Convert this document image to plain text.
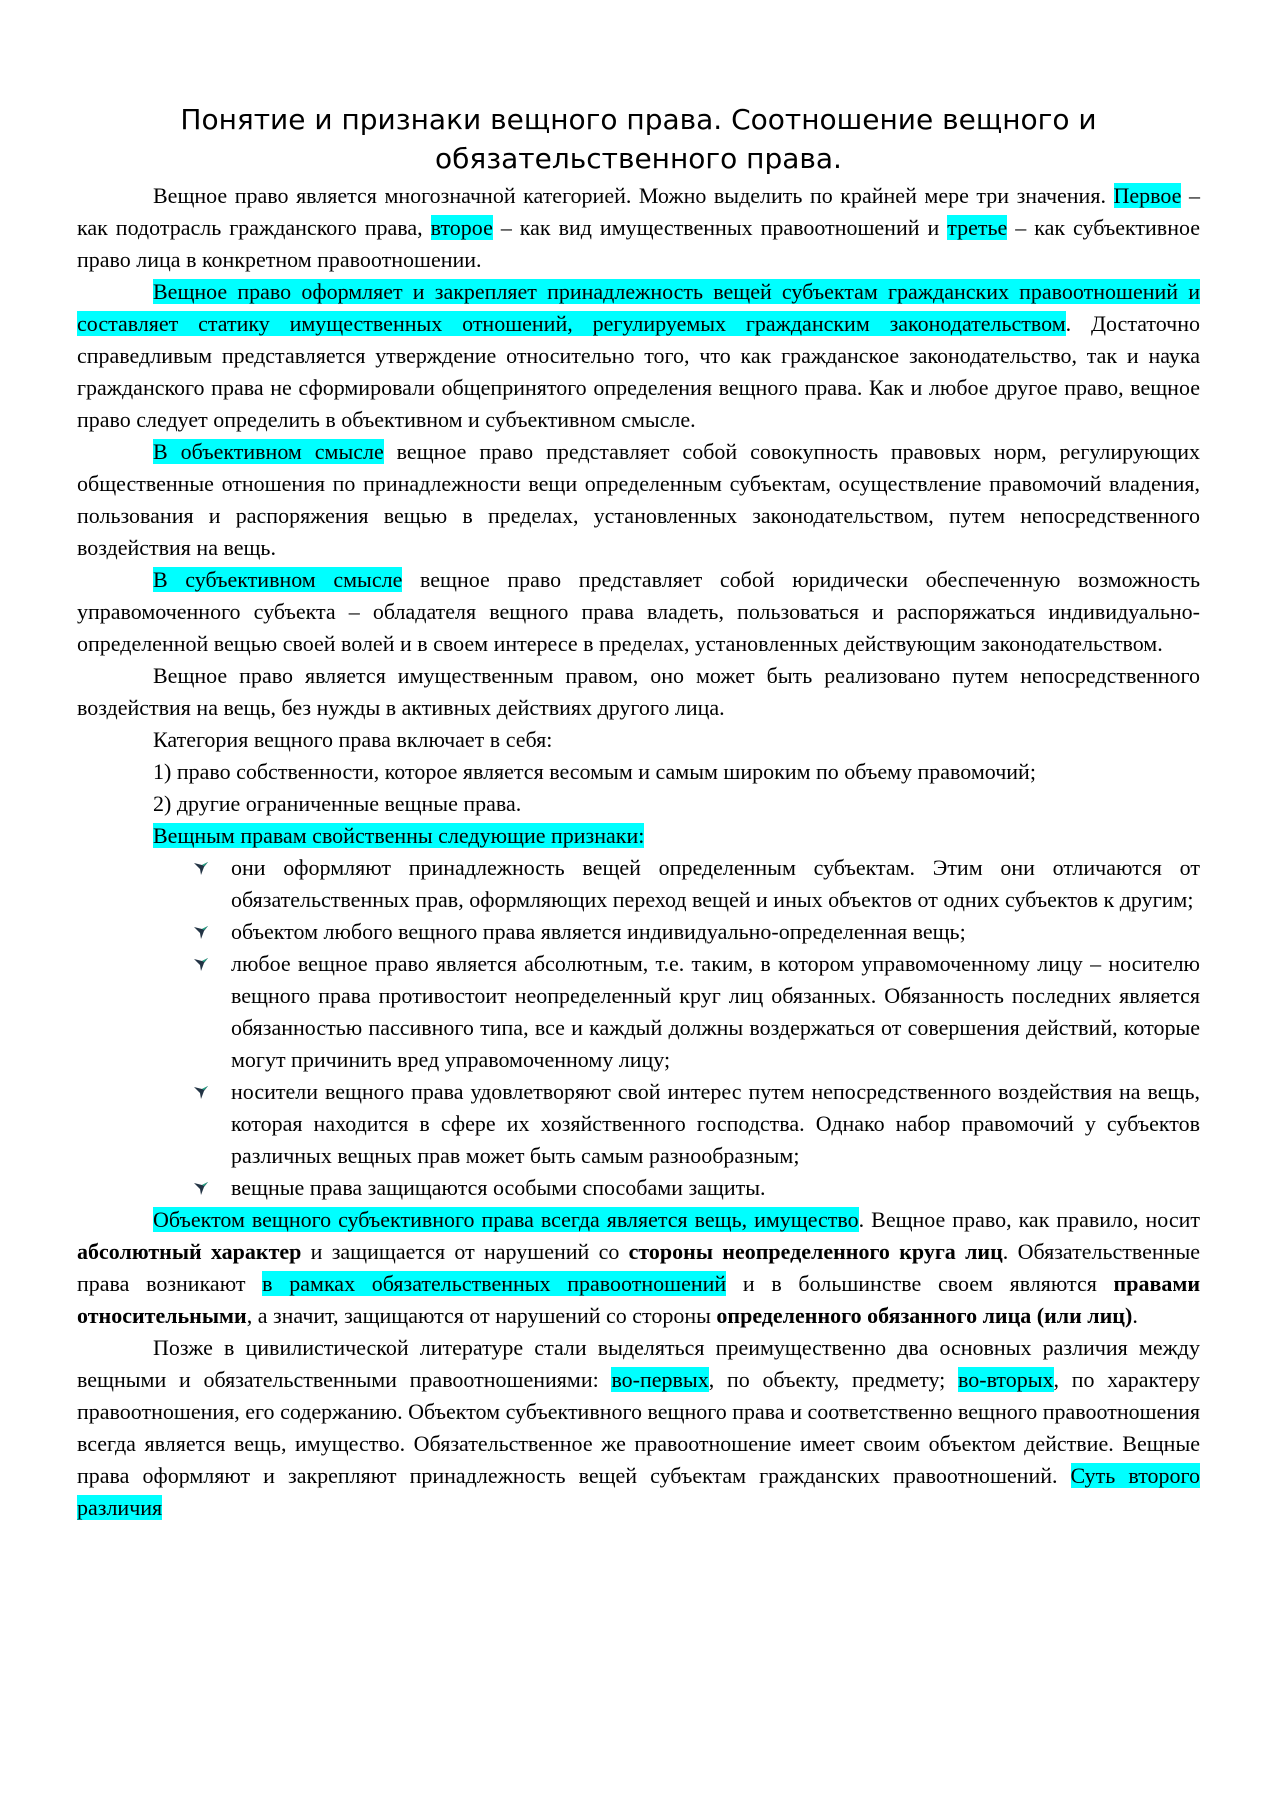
Понятие и признаки вещного права. Соотношение вещного и обязательственного права.

Вещное право является многозначной категорией. Можно выделить по крайней мере три значения. Первое – как подотрасль гражданского права, второе – как вид имущественных правоотношений и третье – как субъективное право лица в конкретном правоотношении.

Вещное право оформляет и закрепляет принадлежность вещей субъектам гражданских правоотношений и составляет статику имущественных отношений, регулируемых гражданским законодательством. Достаточно справедливым представляется утверждение относительно того, что как гражданское законодательство, так и наука гражданского права не сформировали общепринятого определения вещного права. Как и любое другое право, вещное право следует определить в объективном и субъективном смысле.

В объективном смысле вещное право представляет собой совокупность правовых норм, регулирующих общественные отношения по принадлежности вещи определенным субъектам, осуществление правомочий владения, пользования и распоряжения вещью в пределах, установленных законодательством, путем непосредственного воздействия на вещь.

В субъективном смысле вещное право представляет собой юридически обеспеченную возможность управомоченного субъекта – обладателя вещного права владеть, пользоваться и распоряжаться индивидуально-определенной вещью своей волей и в своем интересе в пределах, установленных действующим законодательством.

Вещное право является имущественным правом, оно может быть реализовано путем непосредственного воздействия на вещь, без нужды в активных действиях другого лица.

Категория вещного права включает в себя:

1) право собственности, которое является весомым и самым широким по объему правомочий;

2) другие ограниченные вещные права.

Вещным правам свойственны следующие признаки:

они оформляют принадлежность вещей определенным субъектам. Этим они отличаются от обязательственных прав, оформляющих переход вещей и иных объектов от одних субъектов к другим;
объектом любого вещного права является индивидуально-определенная вещь;
любое вещное право является абсолютным, т.е. таким, в котором управомоченному лицу – носителю вещного права противостоит неопределенный круг лиц обязанных. Обязанность последних является обязанностью пассивного типа, все и каждый должны воздержаться от совершения действий, которые могут причинить вред управомоченному лицу;
носители вещного права удовлетворяют свой интерес путем непосредственного воздействия на вещь, которая находится в сфере их хозяйственного господства. Однако набор правомочий у субъектов различных вещных прав может быть самым разнообразным;
вещные права защищаются особыми способами защиты.

Объектом вещного субъективного права всегда является вещь, имущество. Вещное право, как правило, носит абсолютный характер и защищается от нарушений со стороны неопределенного круга лиц. Обязательственные права возникают в рамках обязательственных правоотношений и в большинстве своем являются правами относительными, а значит, защищаются от нарушений со стороны определенного обязанного лица (или лиц).

Позже в цивилистической литературе стали выделяться преимущественно два основных различия между вещными и обязательственными правоотношениями: во-первых, по объекту, предмету; во-вторых, по характеру правоотношения, его содержанию. Объектом субъективного вещного права и соответственно вещного правоотношения всегда является вещь, имущество. Обязательственное же правоотношение имеет своим объектом действие. Вещные права оформляют и закрепляют принадлежность вещей субъектам гражданских правоотношений. Суть второго различия
